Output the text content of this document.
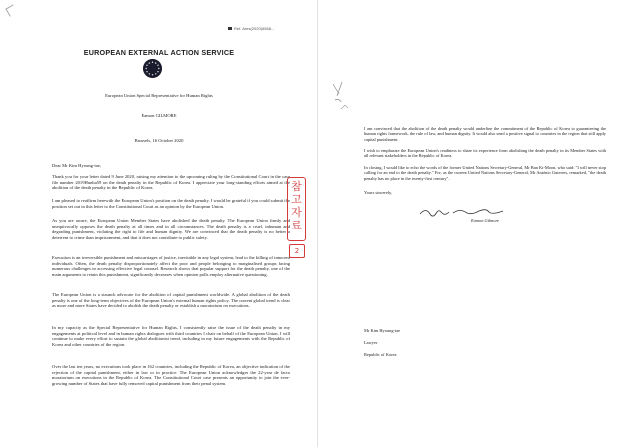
Ref. Ares(2020)5568...
EUROPEAN EXTERNAL ACTION SERVICE
European Union Special Representative for Human Rights
Eamon GILMORE
Brussels, 16 October 2020
Dear Mr Kim Hyoung-tae,
Thank you for your letter dated 9 June 2020, raising my attention to the upcoming ruling by the Constitutional Court in the case file number 2019Hunba59 on the death penalty in the Republic of Korea. I appreciate your long-standing efforts aimed at the abolition of the death penalty in the Republic of Korea.
I am pleased to reaffirm herewith the European Union's position on the death penalty. I would be grateful if you could submit the position set out in this letter to the Constitutional Court as an opinion by the European Union.
As you are aware, the European Union Member States have abolished the death penalty. The European Union firmly and unequivocally opposes the death penalty at all times and in all circumstances. The death penalty is a cruel, inhuman and degrading punishment, violating the right to life and human dignity. We are convinced that the death penalty is no better a deterrent to crime than imprisonment, and that it does not contribute to public safety.
Execution is an irreversible punishment and miscarriages of justice, inevitable in any legal system, lead to the killing of innocent individuals. Often, the death penalty disproportionately affect the poor and people belonging to marginalised groups facing numerous challenges in accessing effective legal counsel. Research shows that popular support for the death penalty, one of the main arguments to retain this punishment, significantly decreases when opinion polls employ alternative questioning.
The European Union is a staunch advocate for the abolition of capital punishment worldwide. A global abolition of the death penalty is one of the long-term objectives of the European Union's external human rights policy. The current global trend is clear as more and more States have decided to abolish the death penalty or establish a moratorium on executions.
In my capacity as the Special Representative for Human Rights, I consistently raise the issue of the death penalty in my engagements at political level and in human rights dialogues with third countries I chair on behalf of the European Union. I will continue to make every effort to sustain the global abolitionist trend, including in my future engagements with the Republic of Korea and other countries of the region.
Over the last ten years, no executions took place in 162 countries, including the Republic of Korea, an objective indication of the rejection of the capital punishment, either in law or in practice. The European Union acknowledges the 22-year de facto moratorium on executions in the Republic of Korea. The Constitutional Court case presents an opportunity to join the ever-growing number of States that have fully removed capital punishment from their penal system.
참고자료
2
I am convinced that the abolition of the death penalty would underline the commitment of the Republic of Korea to guaranteeing the human rights framework, the rule of law, and human dignity. It would also send a positive signal to countries in the region that still apply capital punishment.
I wish to emphasize the European Union's readiness to share its experience from abolishing the death penalty in its Member States with all relevant stakeholders in the Republic of Korea.
In closing, I would like to echo the words of the former United Nations Secretary-General, Mr Ban Ki-Moon, who said: "I will never stop calling for an end to the death penalty." For, as the current United Nations Secretary-General, Mr António Guterres, remarked, "the death penalty has no place in the twenty-first century".
Yours sincerely,
Eamon Gilmore
Mr Kim Hyoung-tae
Lawyer
Republic of Korea
